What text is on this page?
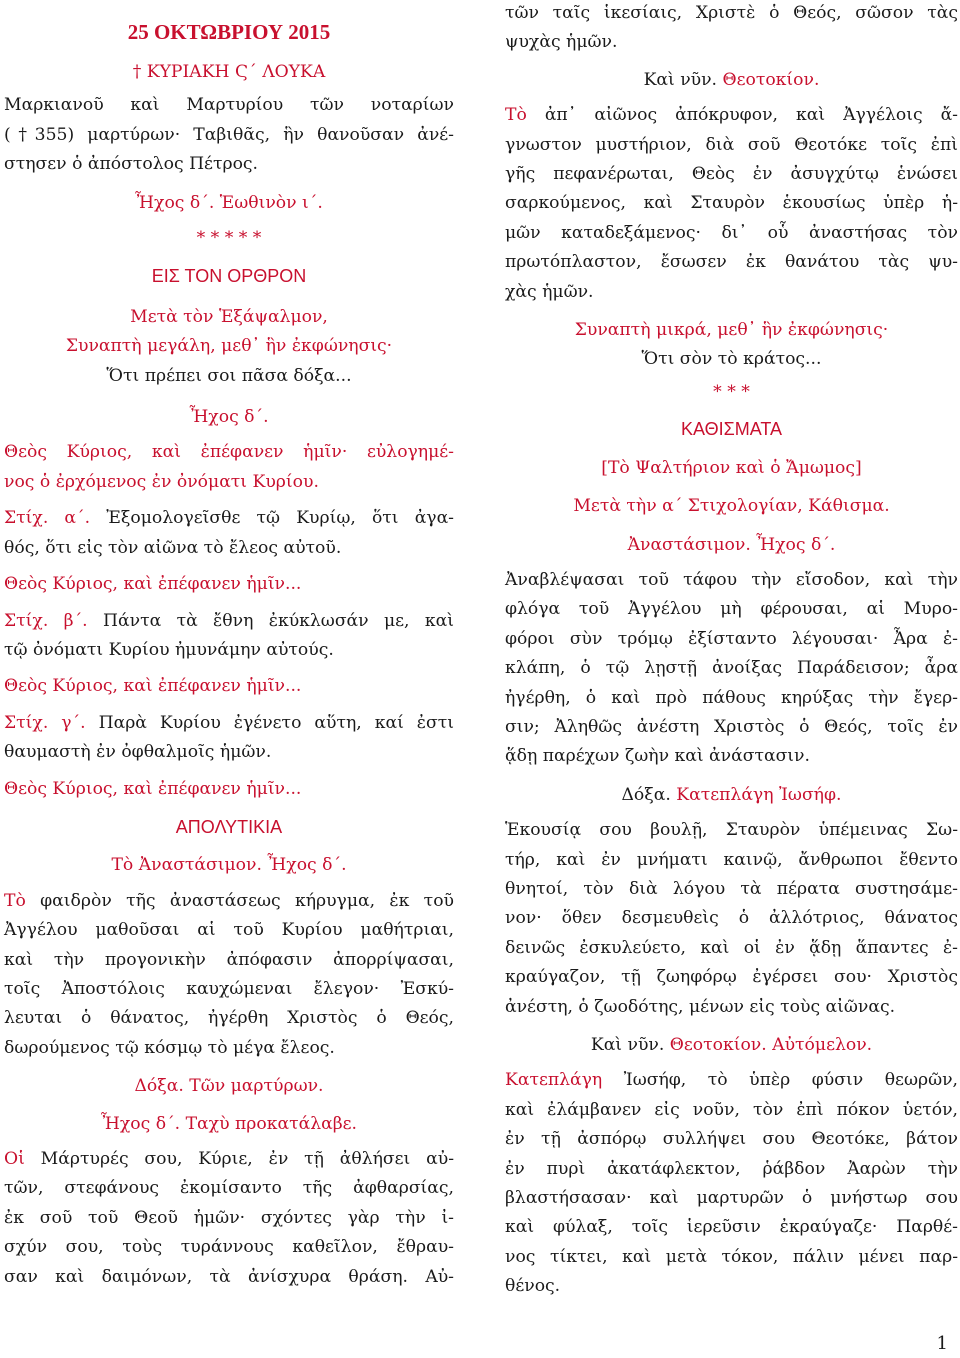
25 ΟΚΤΩΒΡΙΟΥ 2015
† ΚΥΡΙΑΚΗ Ϛ΄ ΛΟΥΚΑ
Μαρκιανοῦ καὶ Μαρτυρίου τῶν νοταρίων
(†355) μαρτύρων· Ταβιθᾶς, ἣν θανοῦσαν ἀνέ-
στησεν ὁ ἀπόστολος Πέτρος.
Ἦχος δ΄. Ἑωθινὸν ι΄.
* * * * *
ΕΙΣ ΤΟΝ ΟΡΘΡΟΝ
Μετὰ τὸν Ἑξάψαλμον,
Συναπτὴ μεγάλη, μεθ᾿ ἣν ἐκφώνησις·
Ὅτι πρέπει σοι πᾶσα δόξα...
Ἦχος δ΄.
Θεὸς Κύριος, καὶ ἐπέφανεν ἡμῖν· εὐλογημέ-
νος ὁ ἐρχόμενος ἐν ὀνόματι Κυρίου.
Στίχ. α΄. Ἐξομολογεῖσθε τῷ Κυρίῳ, ὅτι ἀγα-
θός, ὅτι εἰς τὸν αἰῶνα τὸ ἔλεος αὐτοῦ.
Θεὸς Κύριος, καὶ ἐπέφανεν ἡμῖν...
Στίχ. β΄. Πάντα τὰ ἔθνη ἐκύκλωσάν με, καὶ
τῷ ὀνόματι Κυρίου ἠμυνάμην αὐτούς.
Θεὸς Κύριος, καὶ ἐπέφανεν ἡμῖν...
Στίχ. γ΄. Παρὰ Κυρίου ἐγένετο αὕτη, καί ἐστι
θαυμαστὴ ἐν ὀφθαλμοῖς ἡμῶν.
Θεὸς Κύριος, καὶ ἐπέφανεν ἡμῖν...
ΑΠΟΛΥΤΙΚΙΑ
Τὸ Ἀναστάσιμον. Ἦχος δ΄.
Τὸ φαιδρὸν τῆς ἀναστάσεως κήρυγμα, ἐκ τοῦ
Ἀγγέλου μαθοῦσαι αἱ τοῦ Κυρίου μαθήτριαι,
καὶ τὴν προγονικὴν ἀπόφασιν ἀπορρίψασαι,
τοῖς Ἀποστόλοις καυχώμεναι ἔλεγον· Ἐσκύ-
λευται ὁ θάνατος, ἠγέρθη Χριστὸς ὁ Θεός,
δωρούμενος τῷ κόσμῳ τὸ μέγα ἔλεος.
Δόξα. Τῶν μαρτύρων.
Ἦχος δ΄. Ταχὺ προκατάλαβε.
Οἱ Μάρτυρές σου, Κύριε, ἐν τῇ ἀθλήσει αὐ-
τῶν, στεφάνους ἐκομίσαντο τῆς ἀφθαρσίας,
ἐκ σοῦ τοῦ Θεοῦ ἡμῶν· σχόντες γὰρ τὴν ἰ-
σχύν σου, τοὺς τυράννους καθεῖλον, ἔθραυ-
σαν καὶ δαιμόνων, τὰ ἀνίσχυρα θράση. Αὐ-
τῶν ταῖς ἱκεσίαις, Χριστὲ ὁ Θεός, σῶσον τὰς
ψυχὰς ἡμῶν.
Καὶ νῦν. Θεοτοκίον.
Τὸ ἀπ᾿ αἰῶνος ἀπόκρυφον, καὶ Ἀγγέλοις ἄ-
γνωστον μυστήριον, διὰ σοῦ Θεοτόκε τοῖς ἐπὶ
γῆς πεφανέρωται, Θεὸς ἐν ἀσυγχύτῳ ἑνώσει
σαρκούμενος, καὶ Σταυρὸν ἑκουσίως ὑπὲρ ἡ-
μῶν καταδεξάμενος· δι᾿ οὗ ἀναστήσας τὸν
πρωτόπλαστον, ἔσωσεν ἐκ θανάτου τὰς ψυ-
χὰς ἡμῶν.
Συναπτὴ μικρά, μεθ᾿ ἣν ἐκφώνησις·
Ὅτι σὸν τὸ κράτος...
* * *
ΚΑΘΙΣΜΑΤΑ
[Τὸ Ψαλτήριον καὶ ὁ Ἄμωμος]
Μετὰ τὴν α΄ Στιχολογίαν, Κάθισμα.
Ἀναστάσιμον. Ἦχος δ΄.
Ἀναβλέψασαι τοῦ τάφου τὴν εἴσοδον, καὶ τὴν
φλόγα τοῦ Ἀγγέλου μὴ φέρουσαι, αἱ Μυρο-
φόροι σὺν τρόμῳ ἐξίσταντο λέγουσαι· Ἆρα ἐ-
κλάπη, ὁ τῷ λῃστῇ ἀνοίξας Παράδεισον; ἆρα
ἠγέρθη, ὁ καὶ πρὸ πάθους κηρύξας τὴν ἔγερ-
σιν; Ἀληθῶς ἀνέστη Χριστὸς ὁ Θεός, τοῖς ἐν
ᾅδῃ παρέχων ζωὴν καὶ ἀνάστασιν.
Δόξα. Κατεπλάγη Ἰωσήφ.
Ἑκουσίᾳ σου βουλῇ, Σταυρὸν ὑπέμεινας Σω-
τήρ, καὶ ἐν μνήματι καινῷ, ἄνθρωποι ἔθεντο
θνητοί, τὸν διὰ λόγου τὰ πέρατα συστησάμε-
νον· ὅθεν δεσμευθεὶς ὁ ἀλλότριος, θάνατος
δεινῶς ἐσκυλεύετο, καὶ οἱ ἐν ᾅδῃ ἅπαντες ἐ-
κραύγαζον, τῇ ζωηφόρῳ ἐγέρσει σου· Χριστὸς
ἀνέστη, ὁ ζωοδότης, μένων εἰς τοὺς αἰῶνας.
Καὶ νῦν. Θεοτοκίον. Αὐτόμελον.
Κατεπλάγη Ἰωσήφ, τὸ ὑπὲρ φύσιν θεωρῶν,
καὶ ἐλάμβανεν εἰς νοῦν, τὸν ἐπὶ πόκον ὑετόν,
ἐν τῇ ἀσπόρῳ συλλήψει σου Θεοτόκε, βάτον
ἐν πυρὶ ἀκατάφλεκτον, ῥάβδον Ἀαρὼν τὴν
βλαστήσασαν· καὶ μαρτυρῶν ὁ μνήστωρ σου
καὶ φύλαξ, τοῖς ἱερεῦσιν ἐκραύγαζε· Παρθέ-
νος τίκτει, καὶ μετὰ τόκον, πάλιν μένει παρ-
θένος.
1
